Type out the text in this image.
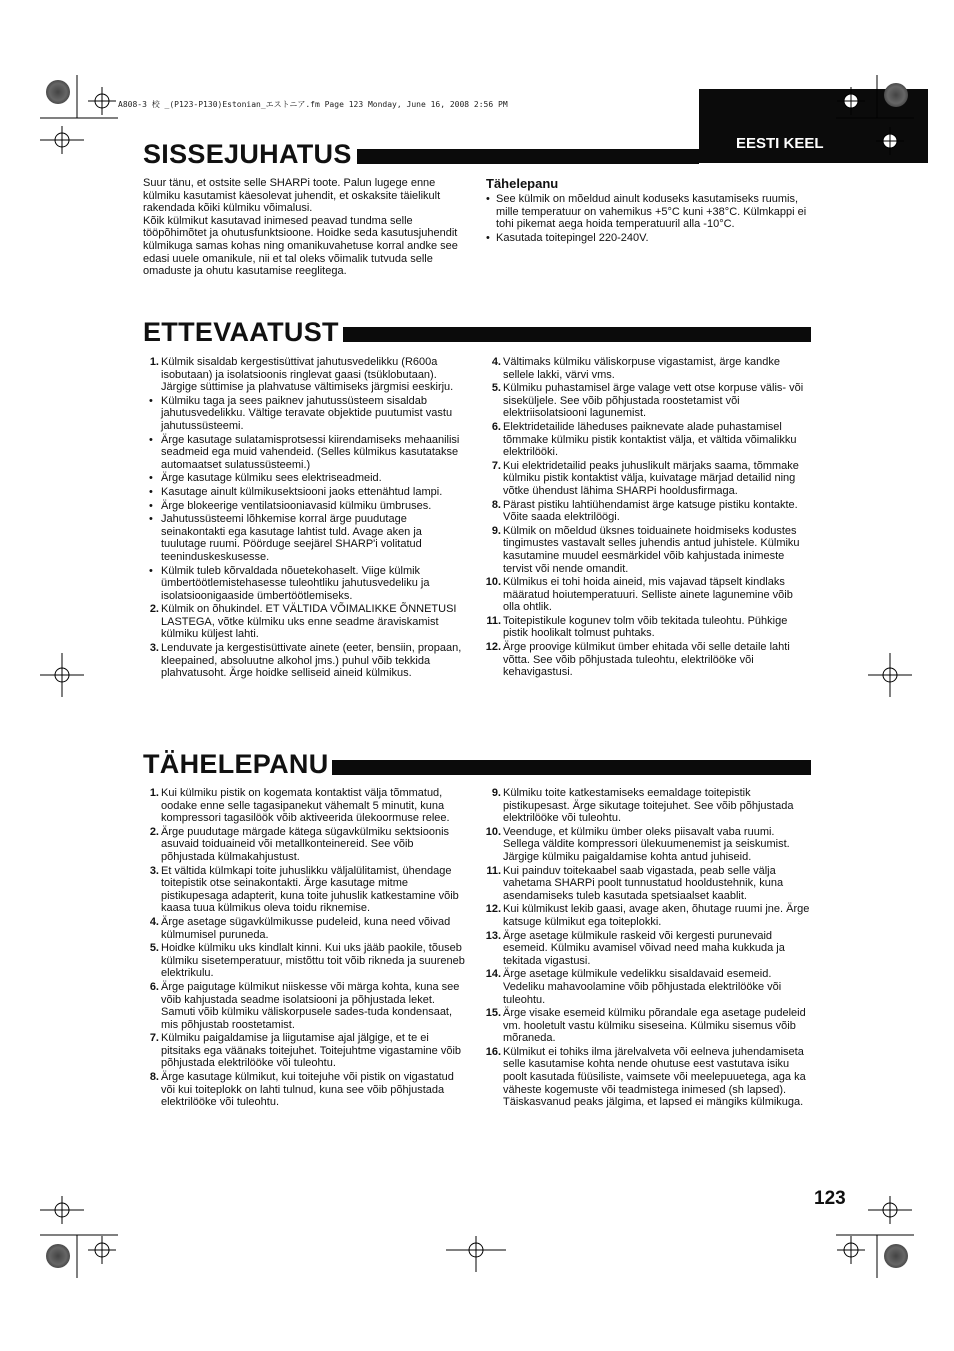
A808-3 校 _(P123-P130)Estonian_エストニア.fm Page 123 Monday, June 16, 2008 2:56 PM
EESTI KEEL
SISSEJUHATUS
Suur tänu, et ostsite selle SHARPi toote. Palun lugege enne külmiku kasutamist käesolevat juhendit, et oskaksite täielikult rakendada kõiki külmiku võimalusi.
Kõik külmikut kasutavad inimesed peavad tundma selle tööpõhimõtet ja ohutusfunktsioone. Hoidke seda kasutusjuhendit külmikuga samas kohas ning omanikuvahetuse korral andke see edasi uuele omanikule, nii et tal oleks võimalik tutvuda selle omaduste ja ohutu kasutamise reeglitega.
Tähelepanu
• See külmik on mõeldud ainult koduseks kasutamiseks ruumis, mille temperatuur on vahemikus +5°C kuni +38°C. Külmkappi ei tohi pikemat aega hoida temperatuuril alla -10°C.
• Kasutada toitepingel 220-240V.
ETTEVAATUST
1. Külmik sisaldab kergestisüttivat jahutusvedelikku (R600a isobutaan) ja isolatsioonis ringlevat gaasi (tsüklobutaan). Järgige süttimise ja plahvatuse vältimiseks järgmisi eeskirju.
• Külmiku taga ja sees paiknev jahutussüsteem sisaldab jahutusvedelikku. Vältige teravate objektide puutumist vastu jahutussüsteemi.
• Ärge kasutage sulatamisprotsessi kiirendamiseks mehaanilisi seadmeid ega muid vahendeid. (Selles külmikus kasutatakse automaatset sulatussüsteemi.)
• Ärge kasutage külmiku sees elektriseadmeid.
• Kasutage ainult külmikusektsiooni jaoks ettenähtud lampi.
• Ärge blokeerige ventilatsiooniavasid külmiku ümbruses.
• Jahutussüsteemi lõhkemise korral ärge puudutage seinakontakti ega kasutage lahtist tuld. Avage aken ja tuulutage ruumi. Pöörduge seejärel SHARP'i volitatud teeninduskeskusesse.
• Külmik tuleb kõrvaldada nõuetekohaselt. Viige külmik ümbertöötlemistehasesse tuleohtliku jahutusvedeliku ja isolatsioonigaaside ümbertöötlemiseks.
2. Külmik on õhukindel. ET VÄLTIDA VÕIMALIKKE ÕNNETUSI LASTEGA, võtke külmiku uks enne seadme äraviskamist külmiku küljest lahti.
3. Lenduvate ja kergestisüttivate ainete (eeter, bensiin, propaan, kleepained, absoluutne alkohol jms.) puhul võib tekkida plahvatusoht. Ärge hoidke selliseid aineid külmikus.
4. Vältimaks külmiku väliskorpuse vigastamist, ärge kandke sellele lakki, värvi vms.
5. Külmiku puhastamisel ärge valage vett otse korpuse välis- või siseküljele. See võib põhjustada roostetamist või elektriisolatsiooni lagunemist.
6. Elektridetailide läheduses paiknevate alade puhastamisel tõmmake külmiku pistik kontaktist välja, et vältida võimalikku elektrilööki.
7. Kui elektridetailid peaks juhuslikult märjaks saama, tõmmake külmiku pistik kontaktist välja, kuivatage märjad detailid ning võtke ühendust lähima SHARPi hooldusfirmaga.
8. Pärast pistiku lahtiühendamist ärge katsuge pistiku kontakte. Võite saada elektrilöögi.
9. Külmik on mõeldud üksnes toiduainete hoidmiseks kodustes tingimustes vastavalt selles juhendis antud juhistele. Külmiku kasutamine muudel eesmärkidel võib kahjustada inimeste tervist või nende omandit.
10. Külmikus ei tohi hoida aineid, mis vajavad täpselt kindlaks määratud hoiutemperatuuri. Selliste ainete lagunemine võib olla ohtlik.
11. Toitepistikule kogunev tolm võib tekitada tuleohtu. Pühkige pistik hoolikalt tolmust puhtaks.
12. Ärge proovige külmikut ümber ehitada või selle detaile lahti võtta. See võib põhjustada tuleohtu, elektrilööke või kehavigastusi.
TÄHELEPANU
1. Kui külmiku pistik on kogemata kontaktist välja tõmmatud, oodake enne selle tagasipanekut vähemalt 5 minutit, kuna kompressori tagasilöök võib aktiveerida ülekoormuse relee.
2. Ärge puudutage märgade kätega sügavkülmiku sektsioonis asuvaid toiduaineid või metallkonteinereid. See võib põhjustada külmakahjustust.
3. Et vältida külmkapi toite juhuslikku väljalülitamist, ühendage toitepistik otse seinakontakti. Ärge kasutage mitme pistikupesaga adapterit, kuna toite juhuslik katkestamine võib kaasa tuua külmikus oleva toidu riknemise.
4. Ärge asetage sügavkülmikusse pudeleid, kuna need võivad külmumisel puruneda.
5. Hoidke külmiku uks kindlalt kinni. Kui uks jääb paokile, tõuseb külmiku sisetemperatuur, mistõttu toit võib rikneda ja suureneb elektrikulu.
6. Ärge paigutage külmikut niiskesse või märga kohta, kuna see võib kahjustada seadme isolatsiooni ja põhjustada leket. Samuti võib külmiku väliskorpusele sades-tuda kondensaat, mis põhjustab roostetamist.
7. Külmiku paigaldamise ja liigutamise ajal jälgige, et te ei pitsitaks ega väänaks toitejuhet. Toitejuhtme vigastamine võib põhjustada elektrilööke või tuleohtu.
8. Ärge kasutage külmikut, kui toitejuhe või pistik on vigastatud või kui toiteplokk on lahti tulnud, kuna see võib põhjustada elektrilööke või tuleohtu.
9. Külmiku toite katkestamiseks eemaldage toitepistik pistikupesast. Ärge sikutage toitejuhet. See võib põhjustada elektrilööke või tuleohtu.
10. Veenduge, et külmiku ümber oleks piisavalt vaba ruumi. Sellega väldite kompressori ülekuumenemist ja seiskumist. Järgige külmiku paigaldamise kohta antud juhiseid.
11. Kui painduv toitekaabel saab vigastada, peab selle välja vahetama SHARPi poolt tunnustatud hooldustehnik, kuna asendamiseks tuleb kasutada spetsiaalset kaablit.
12. Kui külmikust lekib gaasi, avage aken, õhutage ruumi jne. Ärge katsuge külmikut ega toiteplokki.
13. Ärge asetage külmikule raskeid või kergesti purunevaid esemeid. Külmiku avamisel võivad need maha kukkuda ja tekitada vigastusi.
14. Ärge asetage külmikule vedelikku sisaldavaid esemeid. Vedeliku mahavoolamine võib põhjustada elektrilööke või tuleohtu.
15. Ärge visake esemeid külmiku põrandale ega asetage pudeleid vm. hooletult vastu külmiku siseseina. Külmiku sisemus võib mõraneda.
16. Külmikut ei tohiks ilma järelvalveta või eelneva juhendamiseta selle kasutamise kohta nende ohutuse eest vastutava isiku poolt kasutada füüsiliste, vaimsete või meelepuuetega, aga ka väheste kogemuste või teadmistega inimesed (sh lapsed). Täiskasvanud peaks jälgima, et lapsed ei mängiks külmikuga.
123
